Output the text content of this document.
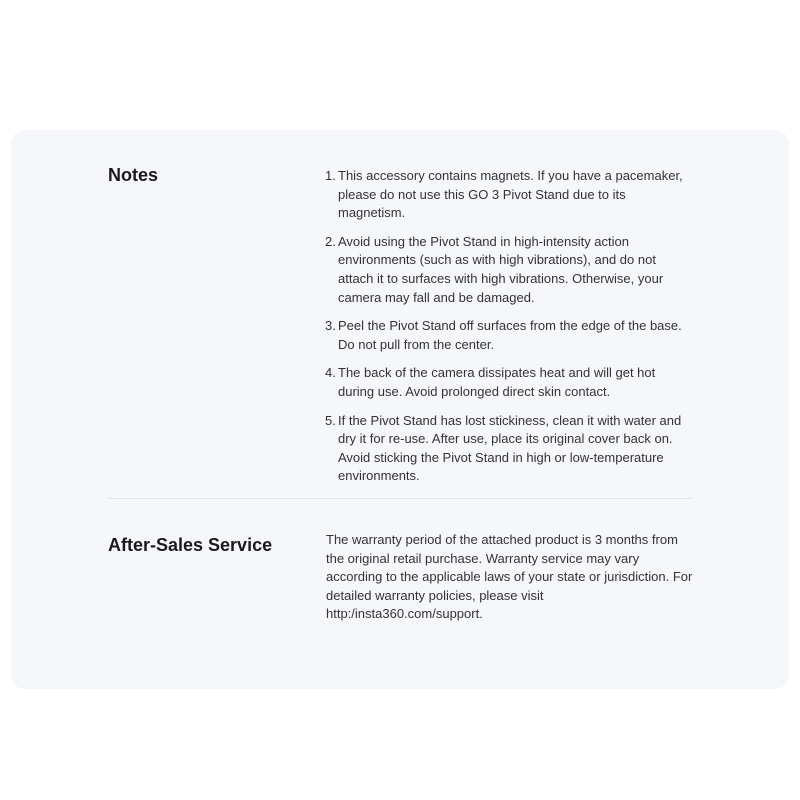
Notes	1. This accessory contains magnets. If you have a pacemaker, please do not use this GO 3 Pivot Stand due to its magnetism.
2. Avoid using the Pivot Stand in high-intensity action environments (such as with high vibrations), and do not attach it to surfaces with high vibrations. Otherwise, your camera may fall and be damaged.
3. Peel the Pivot Stand off surfaces from the edge of the base. Do not pull from the center.
4. The back of the camera dissipates heat and will get hot during use. Avoid prolonged direct skin contact.
5. If the Pivot Stand has lost stickiness, clean it with water and dry it for re-use. After use, place its original cover back on. Avoid sticking the Pivot Stand in high or low-temperature environments.
After-Sales Service	The warranty period of the attached product is 3 months from the original retail purchase. Warranty service may vary according to the applicable laws of your state or jurisdiction. For detailed warranty policies, please visit http:/insta360.com/support.
